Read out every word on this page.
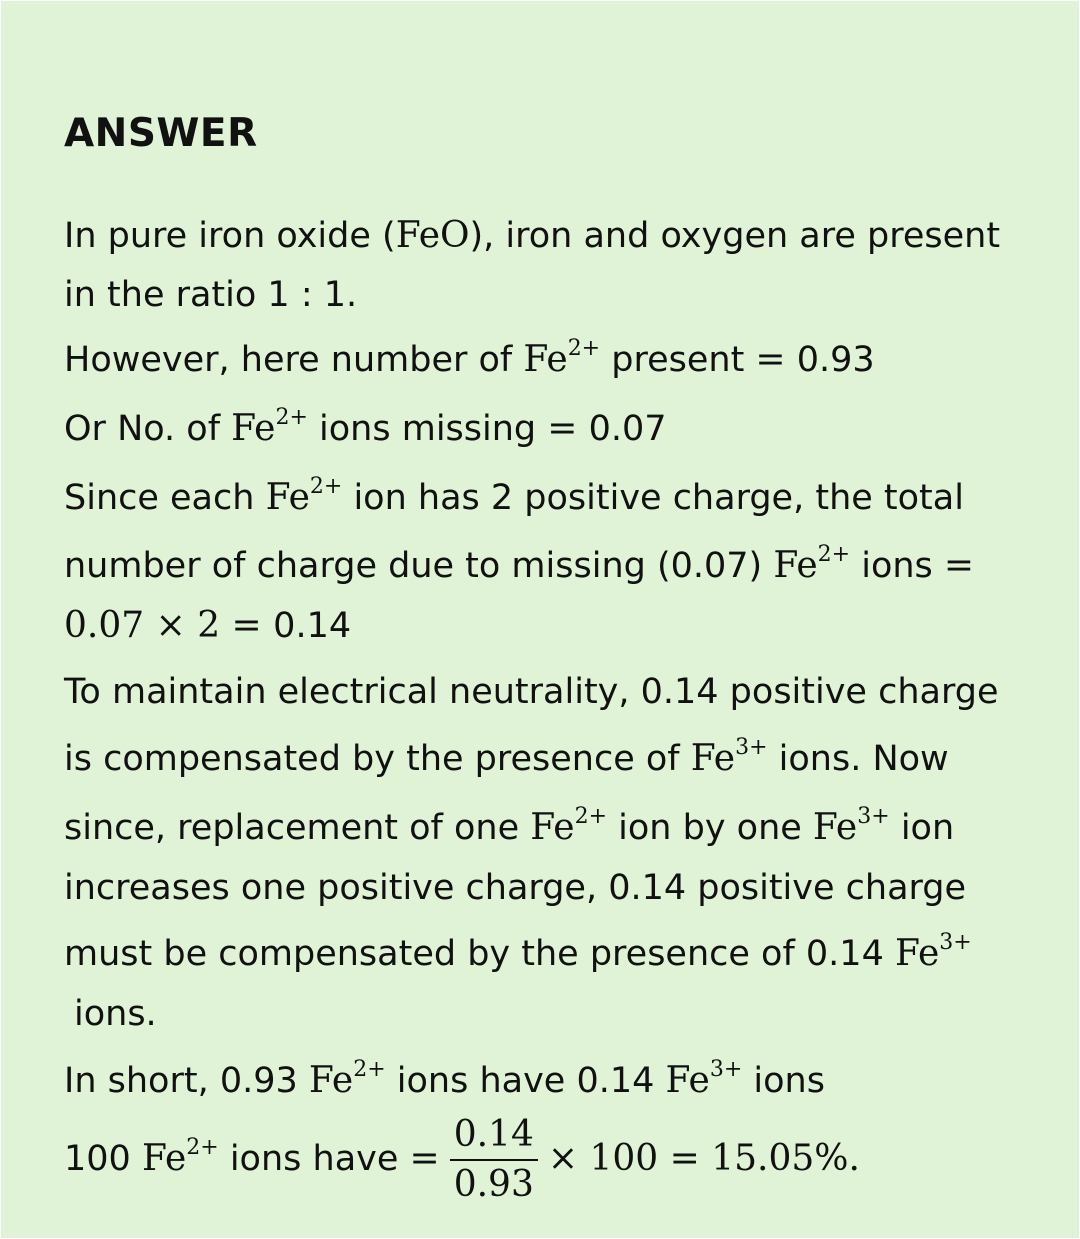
ANSWER
In pure iron oxide (FeO), iron and oxygen are present
in the ratio 1 : 1.
However, here number of $Fe^{2+}$ present = 0.93
Or No. of $Fe^{2+}$ ions missing = 0.07
Since each $Fe^{2+}$ ion has 2 positive charge, the total
number of charge due to missing (0.07) $Fe^{2+}$ ions =
0.07 × 2 = 0.14
To maintain electrical neutrality, 0.14 positive charge
is compensated by the presence of $Fe^{3+}$ ions. Now
since, replacement of one $Fe^{2+}$ ion by one $Fe^{3+}$ ion
increases one positive charge, 0.14 positive charge
must be compensated by the presence of 0.14 $Fe^{3+}$
ions.
In short, 0.93 $Fe^{2+}$ ions have 0.14 $Fe^{3+}$ ions
100 $Fe^{2+}$ ions have = $\frac{0.14}{0.93} \times 100 = 15.05\%$.
